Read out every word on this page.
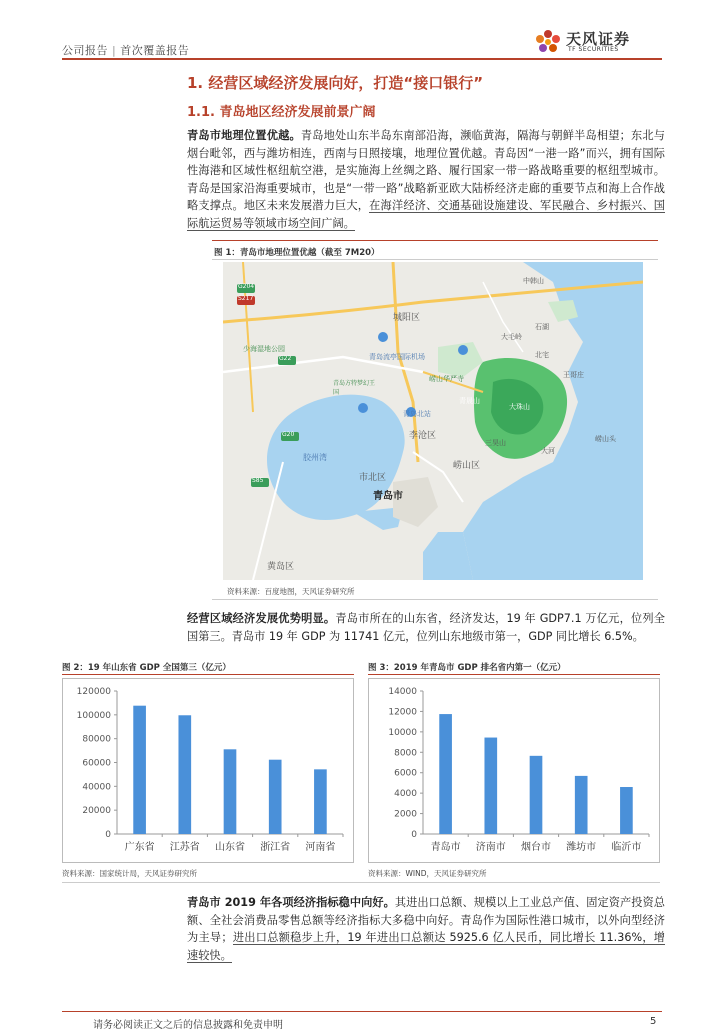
公司报告 | 首次覆盖报告
天风证券
TF SECURITIES
1. 经营区域经济发展向好，打造“接口银行”
1.1. 青岛地区经济发展前景广阔
青岛市地理位置优越。青岛地处山东半岛东南部沿海，濒临黄海，隔海与朝鲜半岛相望；东北与烟台毗邻，西与潍坊相连，西南与日照接壤，地理位置优越。青岛因“一港一路”而兴，拥有国际性海港和区域性枢纽航空港，是实施海上丝绸之路、履行国家一带一路战略重要的枢纽型城市。青岛是国家沿海重要城市，也是“一带一路”战略新亚欧大陆桥经济走廊的重要节点和海上合作战略支撑点。地区未来发展潜力巨大，在海洋经济、交通基础设施建设、军民融合、乡村振兴、国际航运贸易等领域市场空间广阔。
图 1：青岛市地理位置优越（截至 7M20）
城阳区
少海湿地公园
青岛流亭国际机场
崂山华严寺
李沧区
市北区
崂山区
青岛市
青岛北站
黄岛区
中韩山
石湖
大毛岭
北宅
三昊山
大河
王哥庄
青岛方特梦幻王国
青晟山
大珠山
崂山头
胶州湾
G204
S217
G22
G20
S85
资料来源：百度地图，天风证券研究所
经营区域经济发展优势明显。青岛市所在的山东省，经济发达，19 年 GDP7.1 万亿元，位列全国第三。青岛市 19 年 GDP 为 11741 亿元，位列山东地级市第一，GDP 同比增长 6.5%。
图 2：19 年山东省 GDP 全国第三（亿元）
0
20000
40000
60000
80000
100000
120000
广东省 江苏省 山东省 浙江省 河南省
资料来源：国家统计局，天风证券研究所
图 3：2019 年青岛市 GDP 排名省内第一（亿元）
0
2000
4000
6000
8000
10000
12000
14000
青岛市 济南市 烟台市 潍坊市 临沂市
资料来源：WIND，天风证券研究所
青岛市 2019 年各项经济指标稳中向好。其进出口总额、规模以上工业总产值、固定资产投资总额、全社会消费品零售总额等经济指标大多稳中向好。青岛作为国际性港口城市，以外向型经济为主导；进出口总额稳步上升，19 年进出口总额达 5925.6 亿人民币，同比增长 11.36%，增速较快。
请务必阅读正文之后的信息披露和免责申明	5
